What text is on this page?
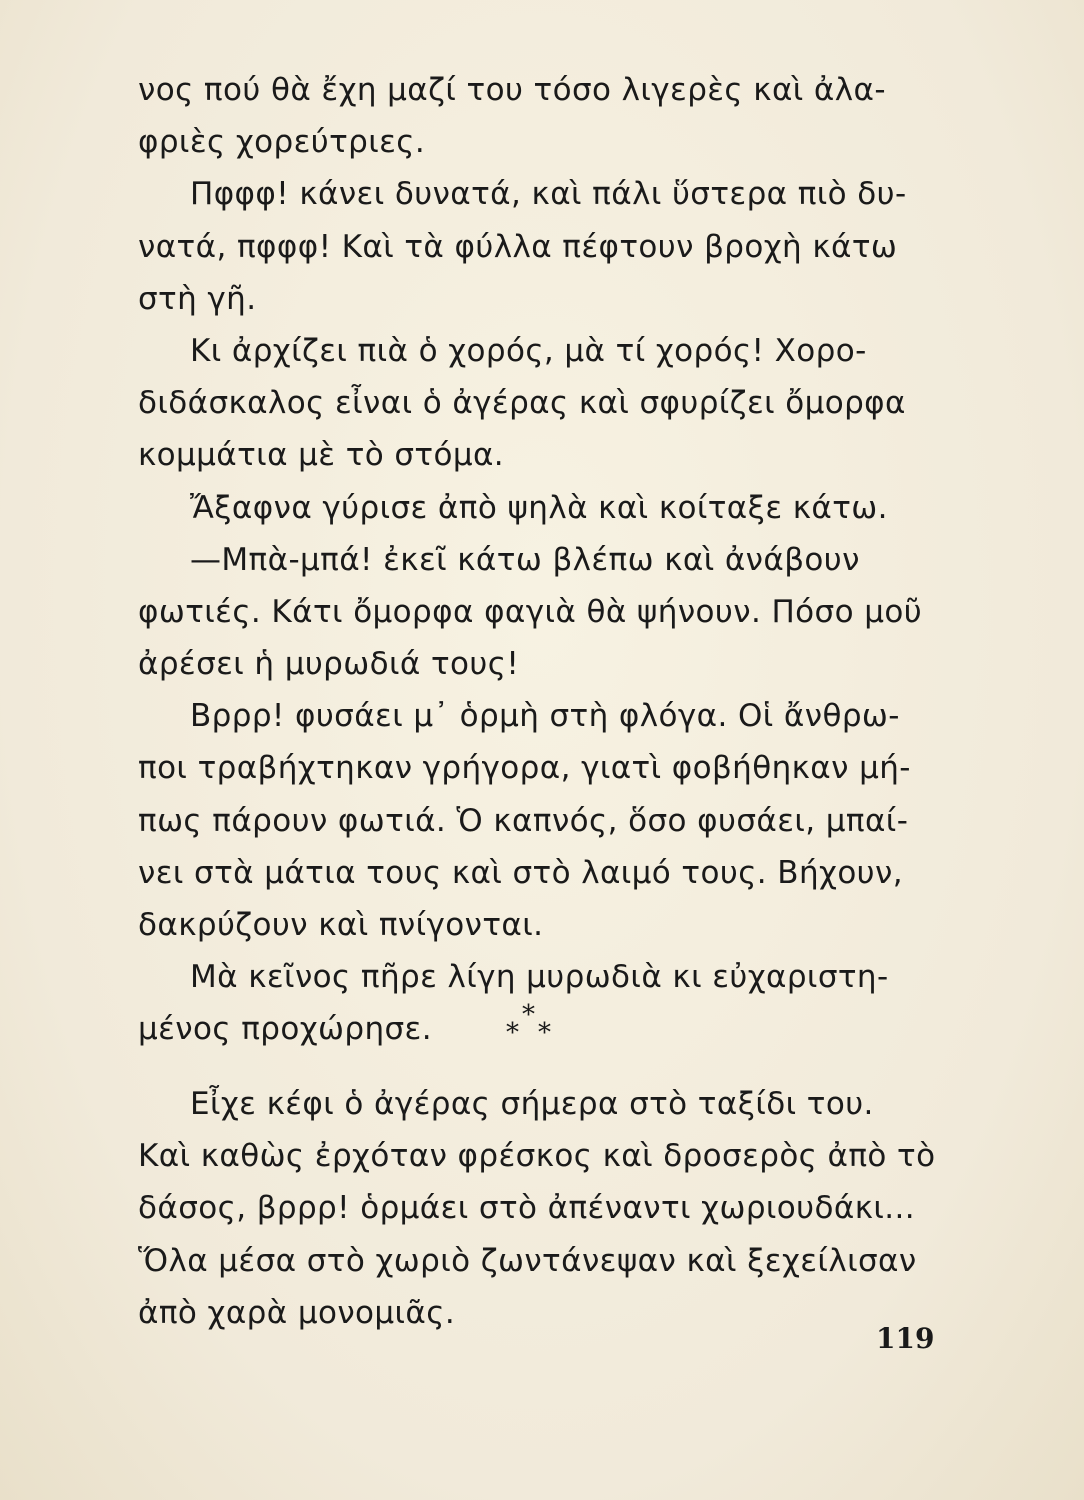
νος πού θὰ ἔχη μαζί του τόσο λιγερὲς καὶ ἀλα-
φριὲς χορεύτριες.
Πφφφ! κάνει δυνατά, καὶ πάλι ὕστερα πιὸ δυ-
νατά, πφφφ! Καὶ τὰ φύλλα πέφτουν βροχὴ κάτω
στὴ γῆ.
Κι ἀρχίζει πιὰ ὁ χορός, μὰ τί χορός! Χορο-
διδάσκαλος εἶναι ὁ ἀγέρας καὶ σφυρίζει ὄμορφα
κομμάτια μὲ τὸ στόμα.
Ἄξαφνα γύρισε ἀπὸ ψηλὰ καὶ κοίταξε κάτω.
—Μπὰ-μπά! ἐκεῖ κάτω βλέπω καὶ ἀνάβουν
φωτιές. Κάτι ὄμορφα φαγιὰ θὰ ψήνουν. Πόσο μοῦ
ἀρέσει ἡ μυρωδιά τους!
Βρρρ! φυσάει μ᾽ ὁρμὴ στὴ φλόγα. Οἱ ἄνθρω-
ποι τραβήχτηκαν γρήγορα, γιατὶ φοβήθηκαν μή-
πως πάρουν φωτιά. Ὁ καπνός, ὅσο φυσάει, μπαί-
νει στὰ μάτια τους καὶ στὸ λαιμό τους. Βήχουν,
δακρύζουν καὶ πνίγονται.
Μὰ κεῖνος πῆρε λίγη μυρωδιὰ κι εὐχαριστη-
μένος προχώρησε.	*
* *
Εἶχε κέφι ὁ ἀγέρας σήμερα στὸ ταξίδι του.
Καὶ καθὼς ἐρχόταν φρέσκος καὶ δροσερὸς ἀπὸ τὸ
δάσος, βρρρ! ὁρμάει στὸ ἀπέναντι χωριουδάκι...
Ὅλα μέσα στὸ χωριὸ ζωντάνεψαν καὶ ξεχείλισαν
ἀπὸ χαρὰ μονομιᾶς.
119
